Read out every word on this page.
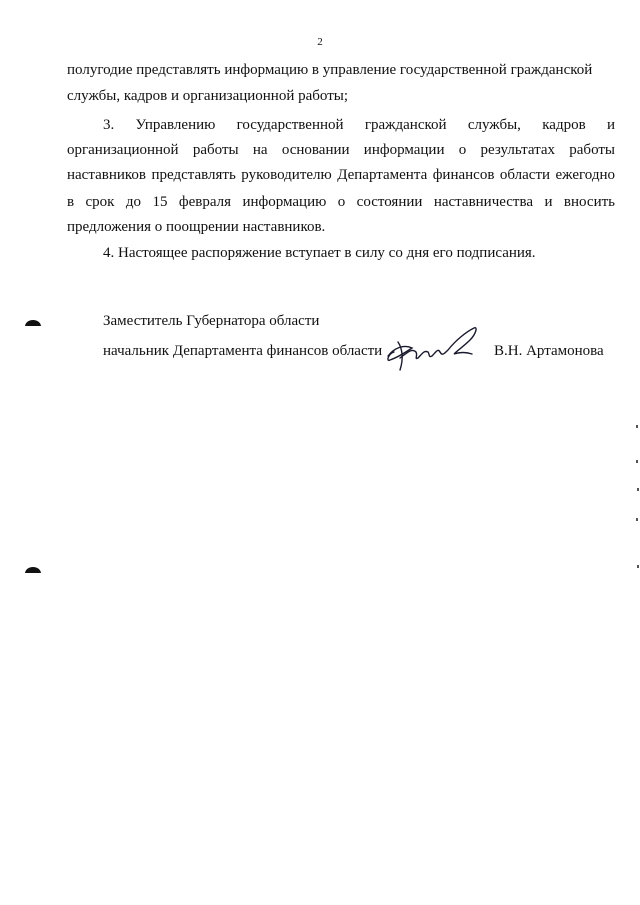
2
полугодие представлять информацию в управление государственной гражданской
службы, кадров и организационной работы;
3. Управлению государственной гражданской службы, кадров и
организационной работы на основании информации о результатах работы
наставников представлять руководителю Департамента финансов области ежегодно
в срок до 15 февраля информацию о состоянии наставничества и вносить
предложения о поощрении наставников.
4. Настоящее распоряжение вступает в силу со дня его подписания.
Заместитель Губернатора области
начальник Департамента финансов области	В.Н. Артамонова
